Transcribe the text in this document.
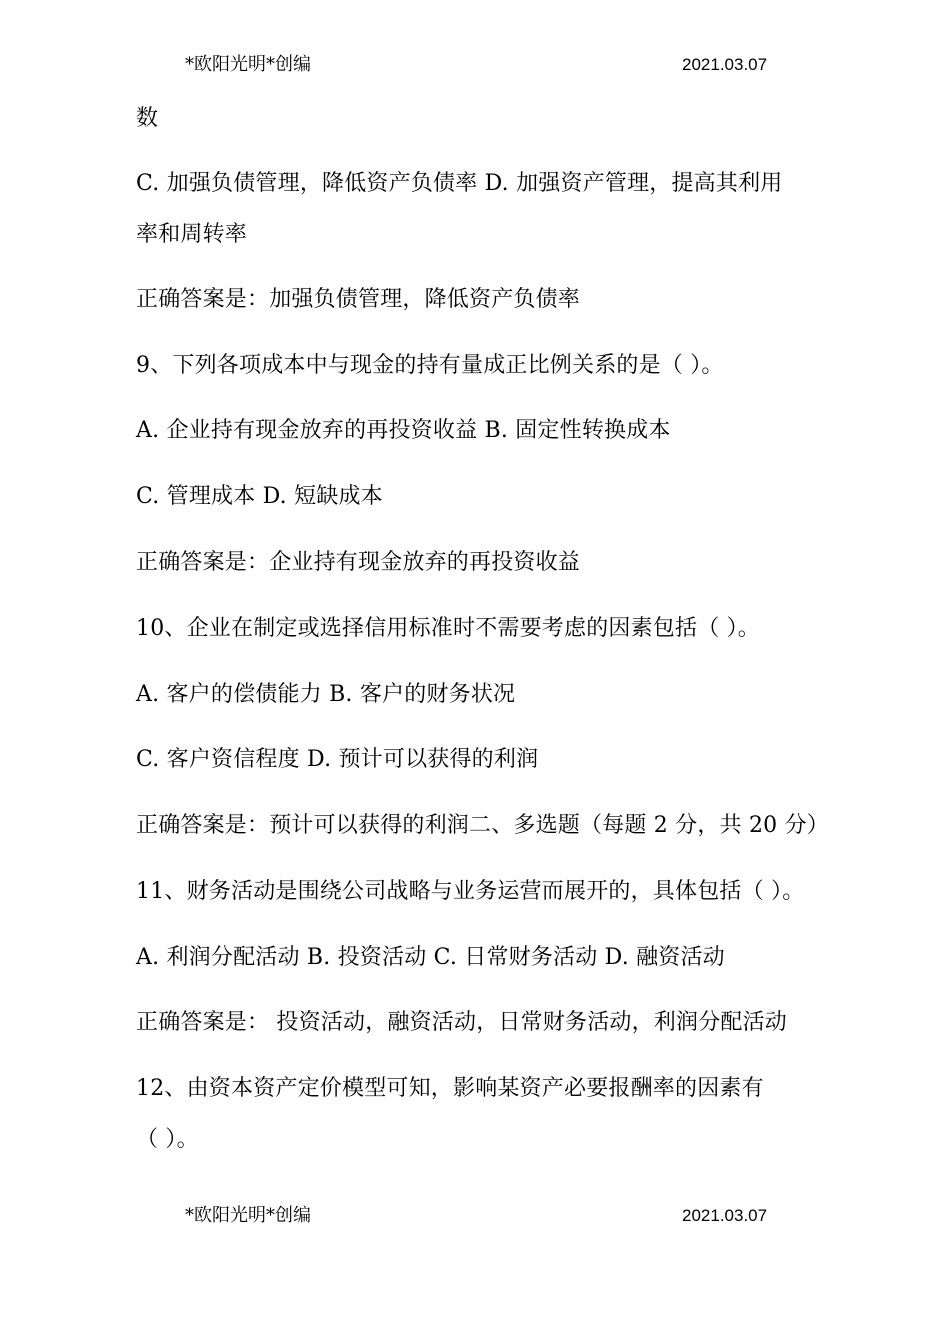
*欧阳光明*创编	2021.03.07
数
C. 加强负债管理，降低资产负债率 D. 加强资产管理，提高其利用
率和周转率
正确答案是：加强负债管理，降低资产负债率
9、下列各项成本中与现金的持有量成正比例关系的是（ ）。
A. 企业持有现金放弃的再投资收益 B. 固定性转换成本
C. 管理成本 D. 短缺成本
正确答案是：企业持有现金放弃的再投资收益
10、企业在制定或选择信用标准时不需要考虑的因素包括（ ）。
A. 客户的偿债能力 B. 客户的财务状况
C. 客户资信程度 D. 预计可以获得的利润
正确答案是：预计可以获得的利润二、多选题（每题 2 分，共 20 分）
11、财务活动是围绕公司战略与业务运营而展开的，具体包括（ ）。
A. 利润分配活动 B. 投资活动 C. 日常财务活动 D. 融资活动
正确答案是： 投资活动，融资活动，日常财务活动，利润分配活动
12、由资本资产定价模型可知，影响某资产必要报酬率的因素有
（ ）。
*欧阳光明*创编	2021.03.07
